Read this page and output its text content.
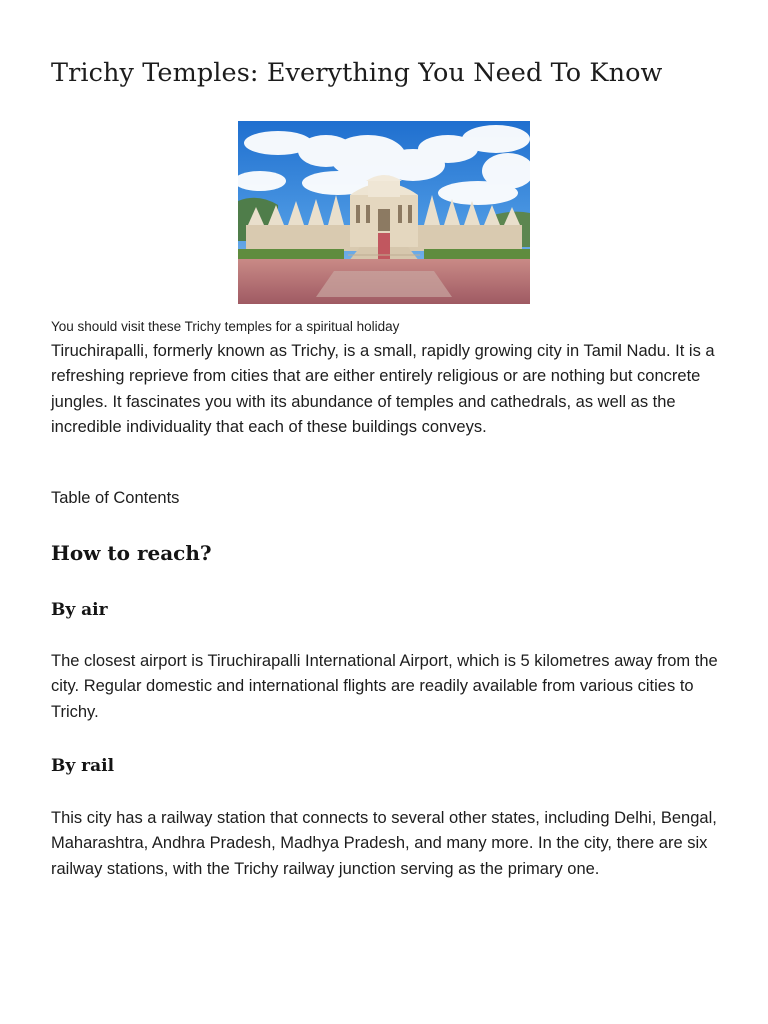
Trichy Temples: Everything You Need To Know
You should visit these Trichy temples for a spiritual holiday

Tiruchirapalli, formerly known as Trichy, is a small, rapidly growing city in Tamil Nadu. It is a refreshing reprieve from cities that are either entirely religious or are nothing but concrete jungles. It fascinates you with its abundance of temples and cathedrals, as well as the incredible individuality that each of these buildings conveys.

Table of Contents
How to reach?
By air

The closest airport is Tiruchirapalli International Airport, which is 5 kilometres away from the city. Regular domestic and international flights are readily available from various cities to Trichy.

By rail

This city has a railway station that connects to several other states, including Delhi, Bengal, Maharashtra, Andhra Pradesh, Madhya Pradesh, and many more. In the city, there are six railway stations, with the Trichy railway junction serving as the primary one.
